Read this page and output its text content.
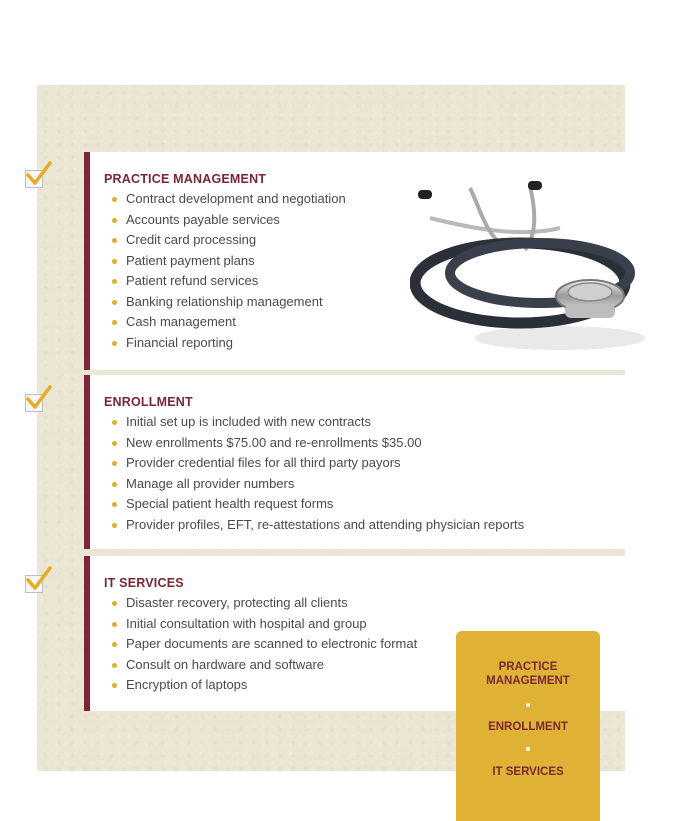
PRACTICE MANAGEMENT
Contract development and negotiation
Accounts payable services
Credit card processing
Patient payment plans
Patient refund services
Banking relationship management
Cash management
Financial reporting
ENROLLMENT
Initial set up is included with new contracts
New enrollments $75.00 and re-enrollments $35.00
Provider credential files for all third party payors
Manage all provider numbers
Special patient health request forms
Provider profiles, EFT, re-attestations and attending physician reports
IT SERVICES
Disaster recovery, protecting all clients
Initial consultation with hospital and group
Paper documents are scanned to electronic format
Consult on hardware and software
Encryption of laptops
PRACTICE
MANAGEMENT
ENROLLMENT
IT SERVICES
